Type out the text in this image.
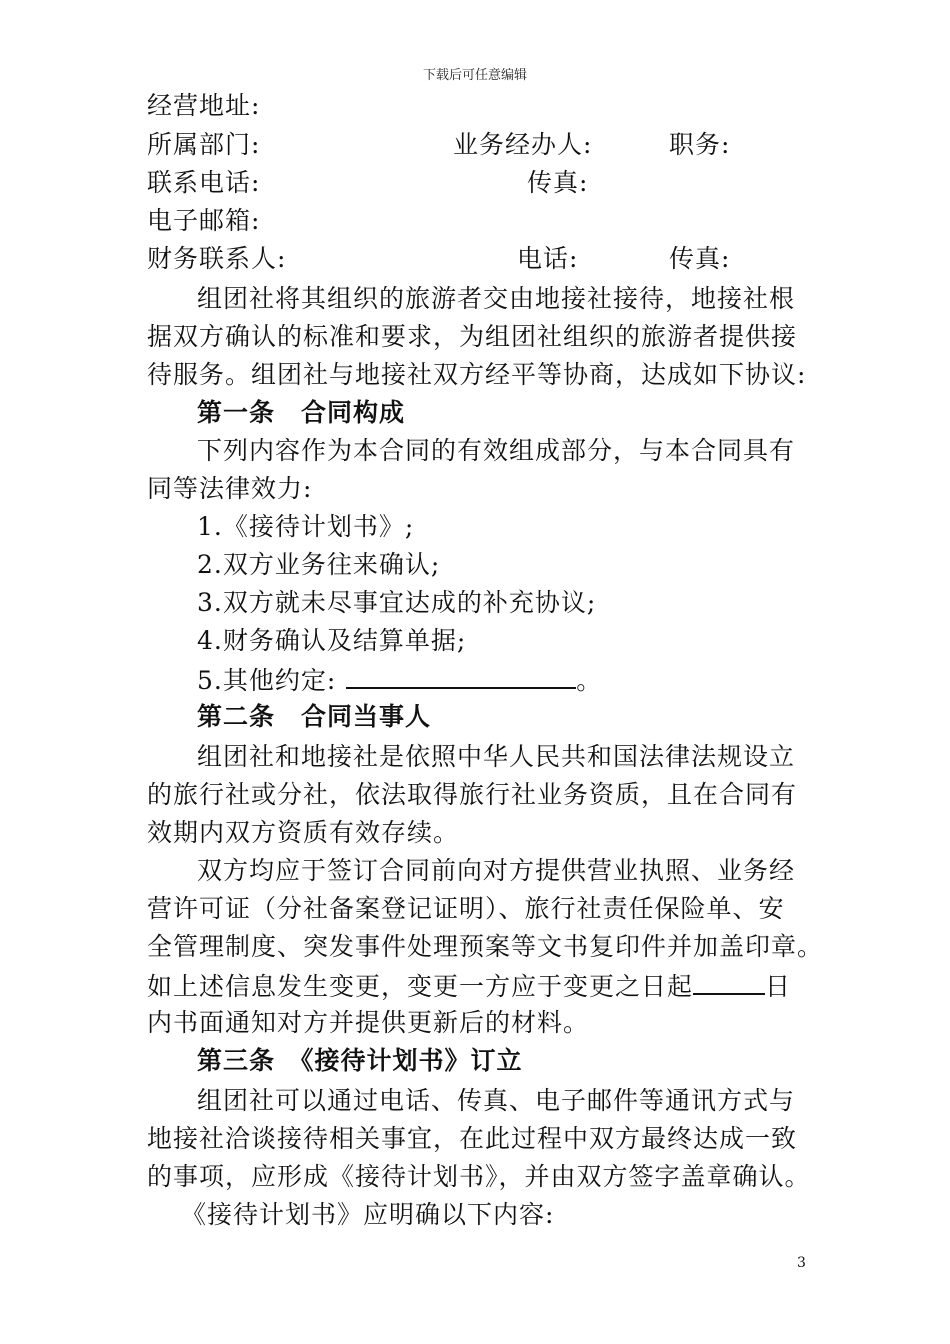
下载后可任意编辑
经营地址:
所属部门:	业务经办人:	职务:
联系电话:	传真:
电子邮箱:
财务联系人:	电话:	传真:
组团社将其组织的旅游者交由地接社接待，地接社根
据双方确认的标准和要求，为组团社组织的旅游者提供接
待服务。组团社与地接社双方经平等协商，达成如下协议:
第一条　合同构成
下列内容作为本合同的有效组成部分，与本合同具有
同等法律效力:
1.《接待计划书》;
2.双方业务往来确认;
3.双方就未尽事宜达成的补充协议;
4.财务确认及结算单据;
5.其他约定:	。
第二条　合同当事人
组团社和地接社是依照中华人民共和国法律法规设立
的旅行社或分社，依法取得旅行社业务资质，且在合同有
效期内双方资质有效存续。
双方均应于签订合同前向对方提供营业执照、业务经
营许可证（分社备案登记证明）、旅行社责任保险单、安
全管理制度、突发事件处理预案等文书复印件并加盖印章。
如上述信息发生变更，变更一方应于变更之日起	日
内书面通知对方并提供更新后的材料。
第三条　《接待计划书》订立
组团社可以通过电话、传真、电子邮件等通讯方式与
地接社洽谈接待相关事宜，在此过程中双方最终达成一致
的事项，应形成《接待计划书》，并由双方签字盖章确认。
《接待计划书》应明确以下内容:
3
